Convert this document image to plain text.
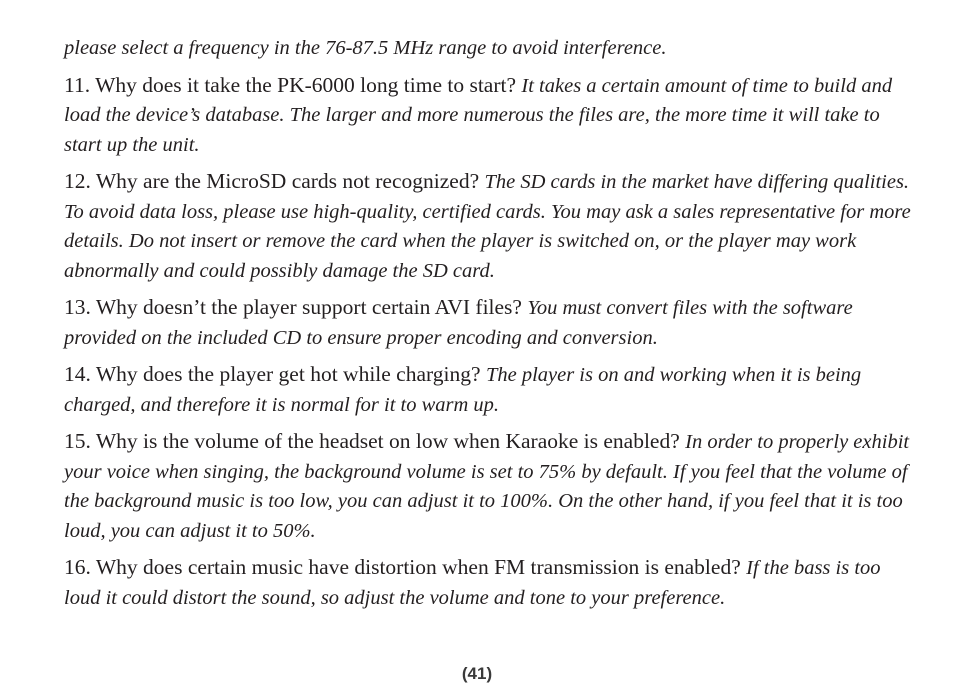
please select a frequency in the 76-87.5 MHz range to avoid interference.

11. Why does it take the PK-6000 long time to start? It takes a certain amount of time to build and load the device’s database. The larger and more numerous the files are, the more time it will take to start up the unit.

12. Why are the MicroSD cards not recognized? The SD cards in the market have differing qualities. To avoid data loss, please use high-quality, certified cards. You may ask a sales representative for more details. Do not insert or remove the card when the player is switched on, or the player may work abnormally and could possibly damage the SD card.

13. Why doesn’t the player support certain AVI files? You must convert files with the software provided on the included CD to ensure proper encoding and conversion.

14. Why does the player get hot while charging? The player is on and working when it is being charged, and therefore it is normal for it to warm up.

15. Why is the volume of the headset on low when Karaoke is enabled? In order to properly exhibit your voice when singing, the background volume is set to 75% by default. If you feel that the volume of the background music is too low, you can adjust it to 100%. On the other hand, if you feel that it is too loud, you can adjust it to 50%.

16. Why does certain music have distortion when FM transmission is enabled? If the bass is too loud it could distort the sound, so adjust the volume and tone to your preference.

(41)
